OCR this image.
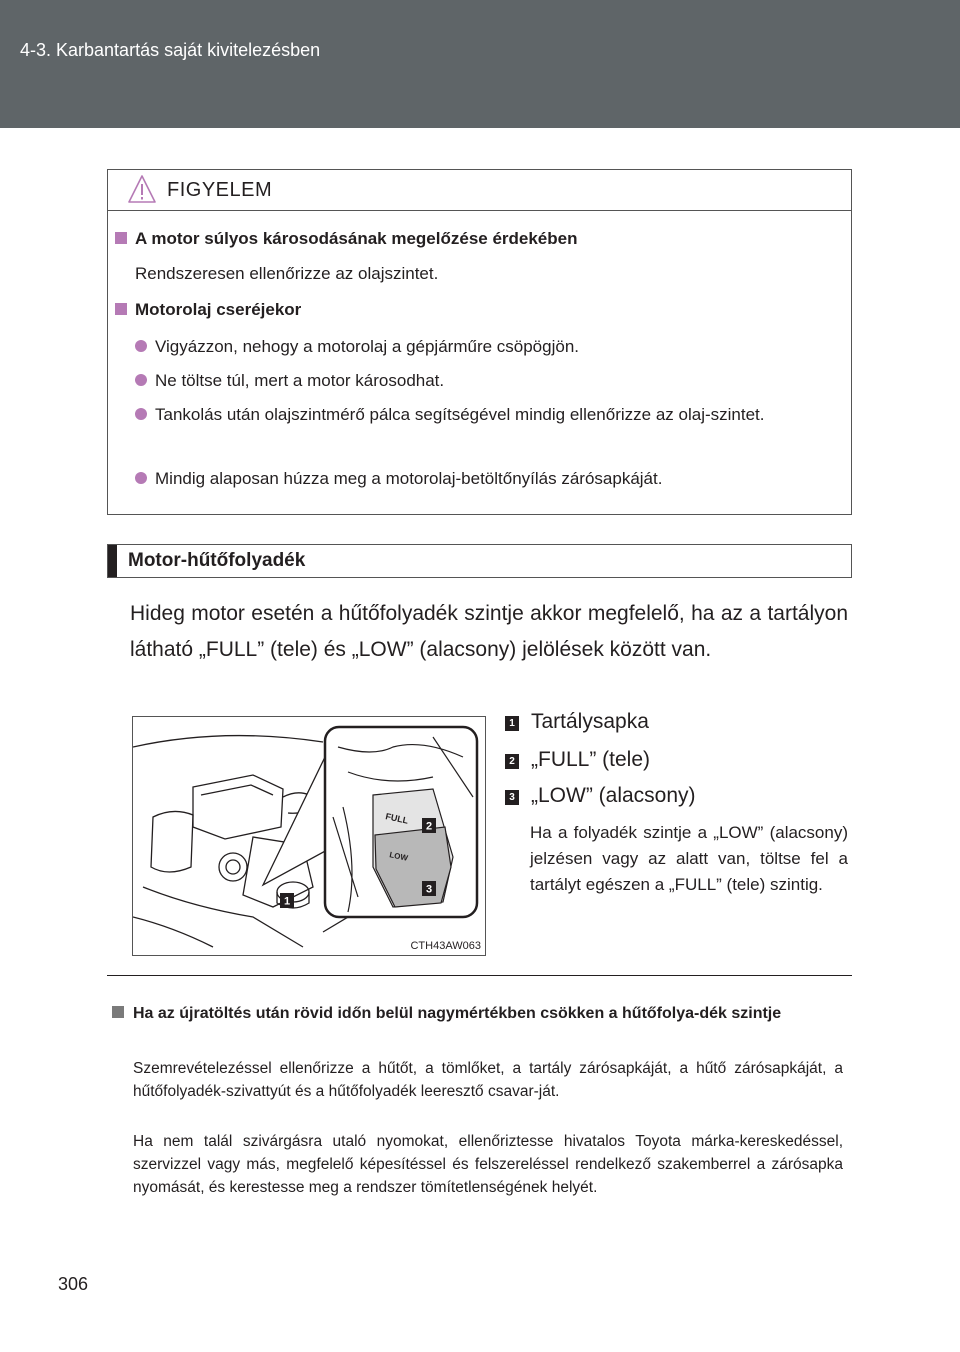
4-3. Karbantartás saját kivitelezésben
FIGYELEM
A motor súlyos károsodásának megelőzése érdekében
Rendszeresen ellenőrizze az olajszintet.
Motorolaj cseréjekor
Vigyázzon, nehogy a motorolaj a gépjárműre csöpögjön.
Ne töltse túl, mert a motor károsodhat.
Tankolás után olajszintmérő pálca segítségével mindig ellenőrizze az olaj-szintet.
Mindig alaposan húzza meg a motorolaj-betöltőnyílás zárósapkáját.
Motor-hűtőfolyadék
Hideg motor esetén a hűtőfolyadék szintje akkor megfelelő, ha az a tartályon látható „FULL” (tele) és „LOW” (alacsony) jelölések között van.
FULL
LOW
1
2
3
CTH43AW063
1 Tartálysapka
2 „FULL” (tele)
3 „LOW” (alacsony)
Ha a folyadék szintje a „LOW” (alacsony) jelzésen vagy az alatt van, töltse fel a tartályt egészen a „FULL” (tele) szintig.
Ha az újratöltés után rövid időn belül nagymértékben csökken a hűtőfolya-dék szintje
Szemrevételezéssel ellenőrizze a hűtőt, a tömlőket, a tartály zárósapkáját, a hűtő zárósapkáját, a hűtőfolyadék-szivattyút és a hűtőfolyadék leeresztő csavar-ját.
Ha nem talál szivárgásra utaló nyomokat, ellenőriztesse hivatalos Toyota márka-kereskedéssel, szervizzel vagy más, megfelelő képesítéssel és felszereléssel rendelkező szakemberrel a zárósapka nyomását, és kerestesse meg a rendszer tömítetlenségének helyét.
306
